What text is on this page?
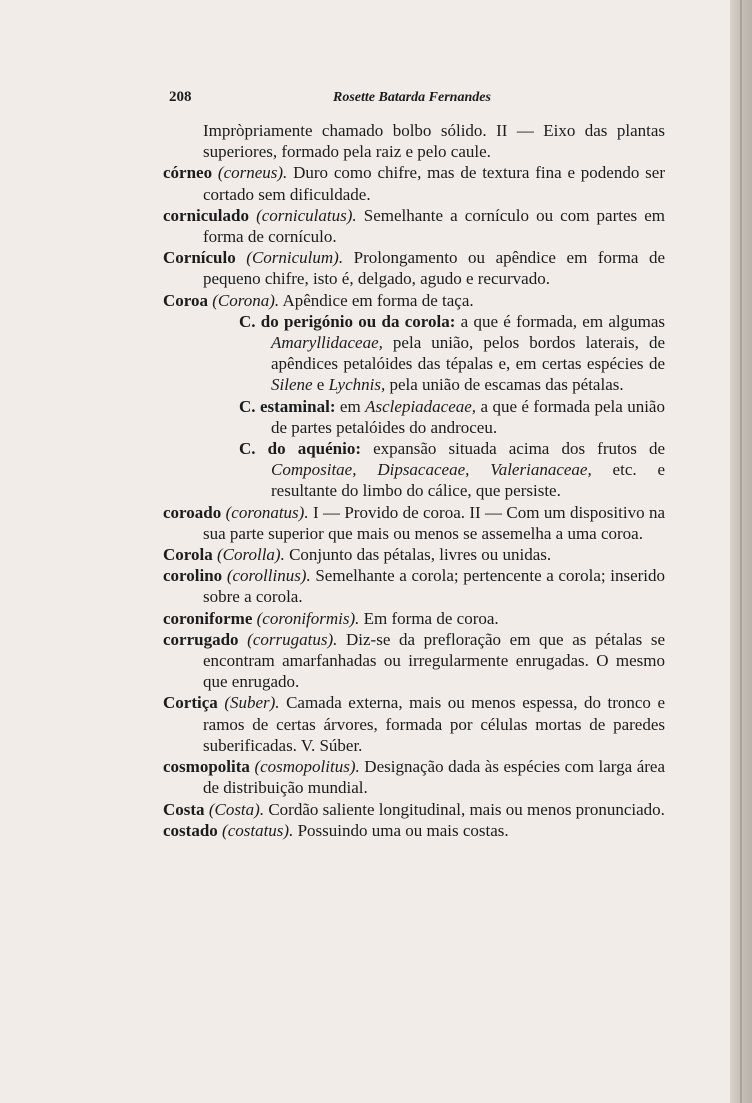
208	Rosette Batarda Fernandes

Impròpriamente chamado bolbo sólido. II — Eixo das plantas superiores, formado pela raiz e pelo caule.

córneo (corneus). Duro como chifre, mas de textura fina e podendo ser cortado sem dificuldade.

corniculado (corniculatus). Semelhante a cornículo ou com partes em forma de cornículo.

Cornículo (Corniculum). Prolongamento ou apêndice em forma de pequeno chifre, isto é, delgado, agudo e recurvado.

Coroa (Corona). Apêndice em forma de taça.

C. do perigónio ou da corola: a que é formada, em algumas Amaryllidaceae, pela união, pelos bordos laterais, de apêndices petalóides das tépalas e, em certas espécies de Silene e Lychnis, pela união de escamas das pétalas.

C. estaminal: em Asclepiadaceae, a que é formada pela união de partes petalóides do androceu.

C. do aquénio: expansão situada acima dos frutos de Compositae, Dipsacaceae, Valerianaceae, etc. e resultante do limbo do cálice, que persiste.

coroado (coronatus). I — Provido de coroa. II — Com um dispositivo na sua parte superior que mais ou menos se assemelha a uma coroa.

Corola (Corolla). Conjunto das pétalas, livres ou unidas.

corolino (corollinus). Semelhante a corola; pertencente a corola; inserido sobre a corola.

coroniforme (coroniformis). Em forma de coroa.

corrugado (corrugatus). Diz-se da prefloração em que as pétalas se encontram amarfanhadas ou irregularmente enrugadas. O mesmo que enrugado.

Cortiça (Suber). Camada externa, mais ou menos espessa, do tronco e ramos de certas árvores, formada por células mortas de paredes suberificadas. V. Súber.

cosmopolita (cosmopolitus). Designação dada às espécies com larga área de distribuição mundial.

Costa (Costa). Cordão saliente longitudinal, mais ou menos pronunciado.

costado (costatus). Possuindo uma ou mais costas.
